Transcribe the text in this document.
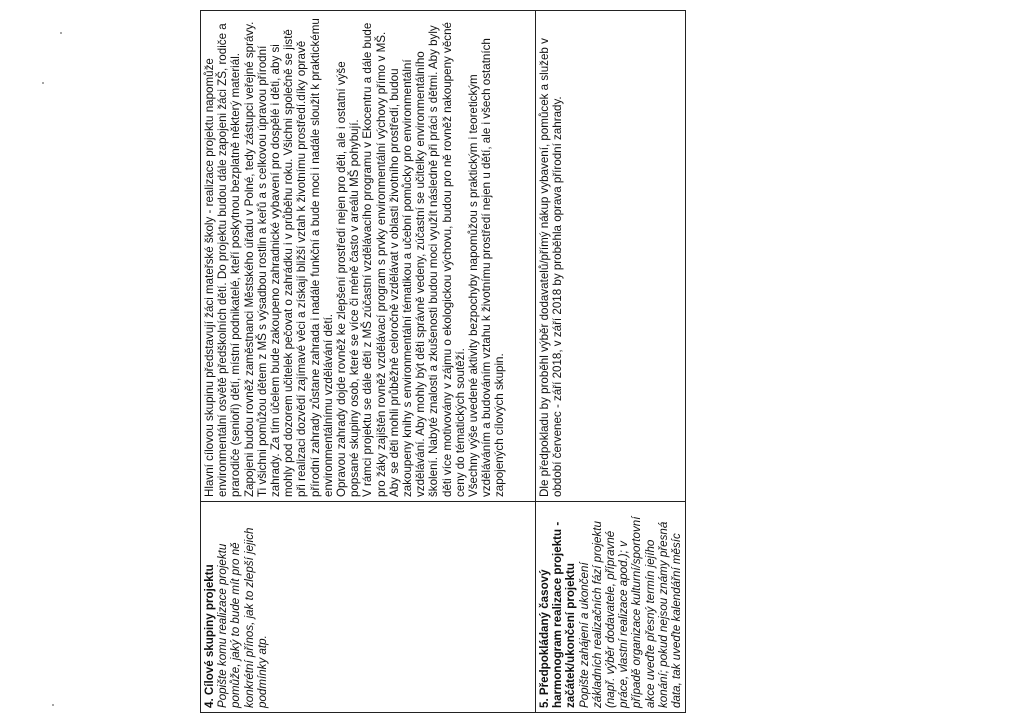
4. Cílové skupiny projektu Popište komu realizace projektu pomůže, jaký to bude mít pro ně konkrétní přínos, jak to zlepší jejich podmínky atp.	Hlavní cílovou skupinu představují žáci mateřské školy - realizace projektu napomůže environmentální osvětě předškolních dětí. Do projektu budou dále zapojeni žáci ZŠ, rodiče a prarodiče (senioři) dětí, místní podnikatelé, kteří poskytnou bezplatně některý materiál. Zapojeni budou rovněž zaměstnanci Městského úřadu v Polné, tedy zástupci veřejné správy. Ti všichni pomůžou dětem z MŠ s výsadbou rostlin a keřů a s celkovou úpravou přírodní zahrady. Za tím účelem bude zakoupeno zahradnické vybavení pro dospělé i děti, aby si mohly pod dozorem učitelek pečovat o zahrádku i v průběhu roku. Všichni společně se jistě při realizaci dozvědí zajímavé věci a získají bližší vztah k životnímu prostředí.díky opravě přírodní zahrady zůstane zahrada i nadále funkční a bude moci i nadále sloužit k praktickému environmentálnímu vzdělávání dětí. Opravou zahrady dojde rovněž ke zlepšení prostředí nejen pro děti, ale i ostatní výše popsané skupiny osob, které se více či méně často v areálu MŠ pohybují. V rámci projektu se dále děti z MŠ zúčastní vzdělávacího programu v Ekocentru a dále bude pro žáky zajištěn rovněž vzdělávací program s prvky environmentální výchovy přímo v MŠ. Aby se děti mohli průběžně celoročně vzdělávat v oblasti životního prostředí, budou zakoupeny knihy s environmentální tématikou a učební pomůcky pro environmentální vzdělávání. Aby mohly být děti správně vedeny, zúčastní se učitelky environmentálního školení. Nabyté znalosti a zkušenosti budou moci využít následně při práci s dětmi. Aby byly děti více motivovány v zájmu o ekologickou výchovu, budou pro ně rovněž nakoupeny věcné ceny do tématických soutěží. Všechny výše uvedené aktivity bezpochyby napomůžou s praktickým i teoretickým vzděláváním a budováním vztahu k životnímu prostředí nejen u dětí, ale i všech ostatních zapojených cílových skupin.

5. Předpokládaný časový harmonogram realizace projektu - začátek/ukončení projektu Popište zahájení a ukončení základních realizačních fází projektu (např. výběr dodavatele, přípravné práce, vlastní realizace apod.); v případě organizace kulturní/sportovní akce uveďte přesný termín jejího konání; pokud nejsou známy přesná data, tak uveďte kalendářní měsíc	Dle předpokladu by proběhl výběr dodavatelů/přímý nákup vybavení, pomůcek a služeb v období červenec - září 2018, v září 2018 by proběhla oprava přírodní zahrady.
